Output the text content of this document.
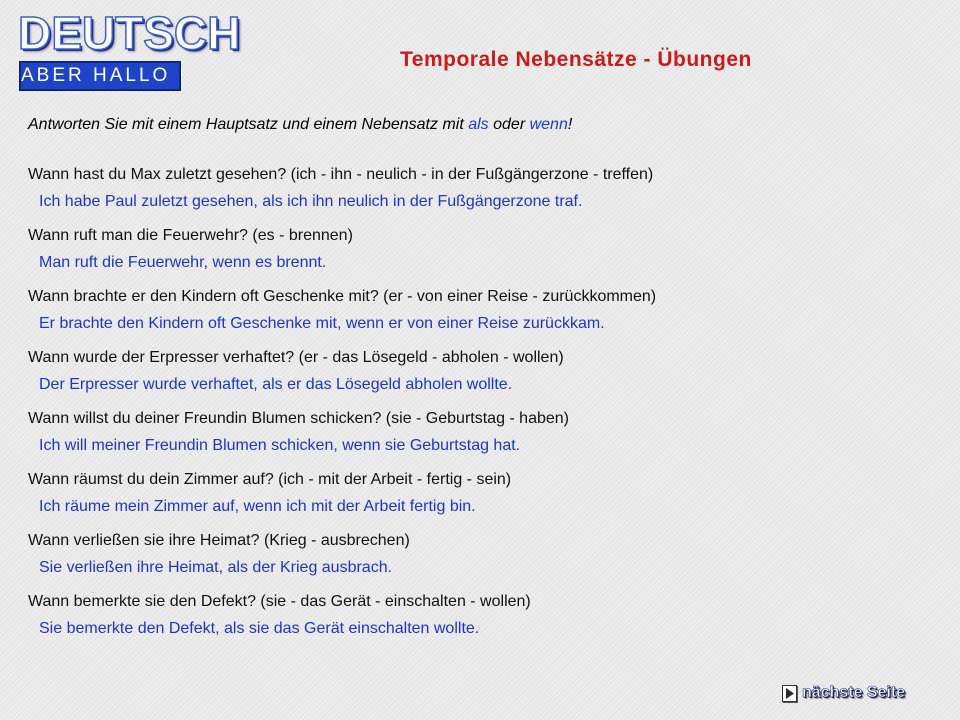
DEUTSCH
ABER HALLO !
Temporale Nebensätze - Übungen
Antworten Sie mit einem Hauptsatz und einem Nebensatz mit als oder wenn!
Wann hast du Max zuletzt gesehen? (ich - ihn - neulich - in der Fußgängerzone - treffen)
Ich habe Paul zuletzt gesehen, als ich ihn neulich in der Fußgängerzone traf.
Wann ruft man die Feuerwehr? (es - brennen)
Man ruft die Feuerwehr, wenn es brennt.
Wann brachte er den Kindern oft Geschenke mit? (er - von einer Reise - zurückkommen)
Er brachte den Kindern oft Geschenke mit, wenn er von einer Reise zurückkam.
Wann wurde der Erpresser verhaftet? (er - das Lösegeld - abholen - wollen)
Der Erpresser wurde verhaftet, als er das Lösegeld abholen wollte.
Wann willst du deiner Freundin Blumen schicken? (sie - Geburtstag - haben)
Ich will meiner Freundin Blumen schicken, wenn sie Geburtstag hat.
Wann räumst du dein Zimmer auf? (ich - mit der Arbeit - fertig - sein)
Ich räume mein Zimmer auf, wenn ich mit der Arbeit fertig bin.
Wann verließen sie ihre Heimat? (Krieg - ausbrechen)
Sie verließen ihre Heimat, als der Krieg ausbrach.
Wann bemerkte sie den Defekt? (sie - das Gerät - einschalten - wollen)
Sie bemerkte den Defekt, als sie das Gerät einschalten wollte.
nächste Seite
